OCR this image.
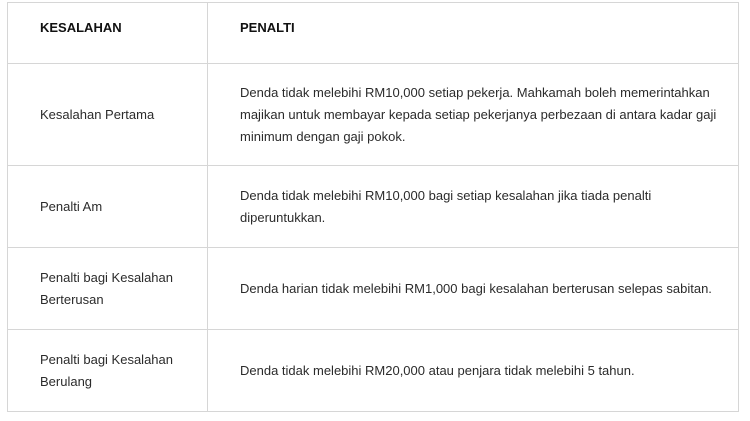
KESALAHAN	PENALTI
Kesalahan Pertama	Denda tidak melebihi RM10,000 setiap pekerja. Mahkamah boleh memerintahkan majikan untuk membayar kepada setiap pekerjanya perbezaan di antara kadar gaji minimum dengan gaji pokok.
Penalti Am	Denda tidak melebihi RM10,000 bagi setiap kesalahan jika tiada penalti diperuntukkan.
Penalti bagi Kesalahan Berterusan	Denda harian tidak melebihi RM1,000 bagi kesalahan berterusan selepas sabitan.
Penalti bagi Kesalahan Berulang	Denda tidak melebihi RM20,000 atau penjara tidak melebihi 5 tahun.
